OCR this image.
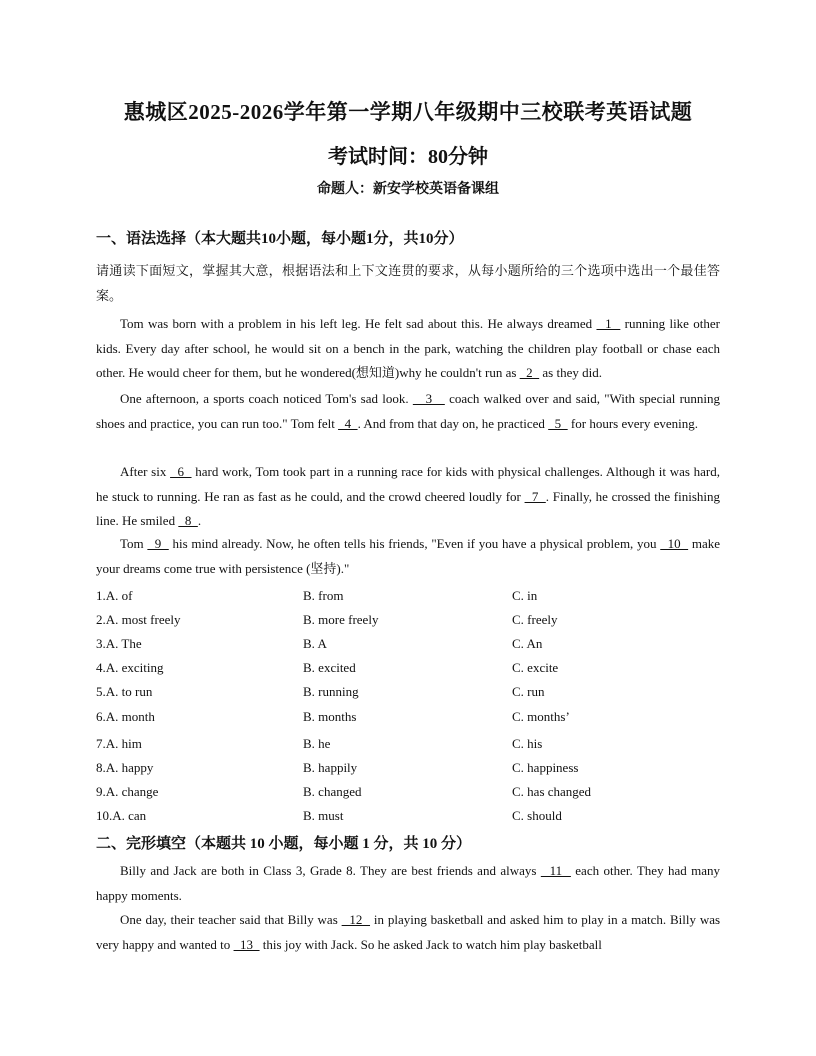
惠城区2025-2026学年第一学期八年级期中三校联考英语试题
考试时间：80分钟
命题人：新安学校英语备课组
一、语法选择（本大题共10小题，每小题1分，共10分）
请通读下面短文，掌握其大意，根据语法和上下文连贯的要求，从每小题所给的三个选项中选出一个最佳答案。
Tom was born with a problem in his left leg. He felt sad about this. He always dreamed   1   running like other kids. Every day after school, he would sit on a bench in the park, watching the children play football or chase each other. He would cheer for them, but he wondered(想知道)why he couldn't run as   2   as they did.
One afternoon, a sports coach noticed Tom's sad look.    3    coach walked over and said, "With special running shoes and practice, you can run too." Tom felt   4  . And from that day on, he practiced   5   for hours every evening.
After six   6   hard work, Tom took part in a running race for kids with physical challenges. Although it was hard, he stuck to running. He ran as fast as he could, and the crowd cheered loudly for   7  . Finally, he crossed the finishing line. He smiled   8  .
Tom   9   his mind already. Now, he often tells his friends, "Even if you have a physical problem, you   10   make your dreams come true with persistence (坚持)."
1.A. of	B. from	C. in
2.A. most freely	B. more freely	C. freely
3.A. The	B. A	C. An
4.A. exciting	B. excited	C. excite
5.A. to run	B. running	C. run
6.A. month	B. months	C. months’
7.A. him	B. he	C. his
8.A. happy	B. happily	C. happiness
9.A. change	B. changed	C. has changed
10.A. can	B. must	C. should
二、完形填空（本题共 10 小题，每小题 1 分，共 10 分）
Billy and Jack are both in Class 3, Grade 8. They are best friends and always   11   each other. They had many happy moments.
One day, their teacher said that Billy was   12   in playing basketball and asked him to play in a match. Billy was very happy and wanted to   13   this joy with Jack. So he asked Jack to watch him play basketball
